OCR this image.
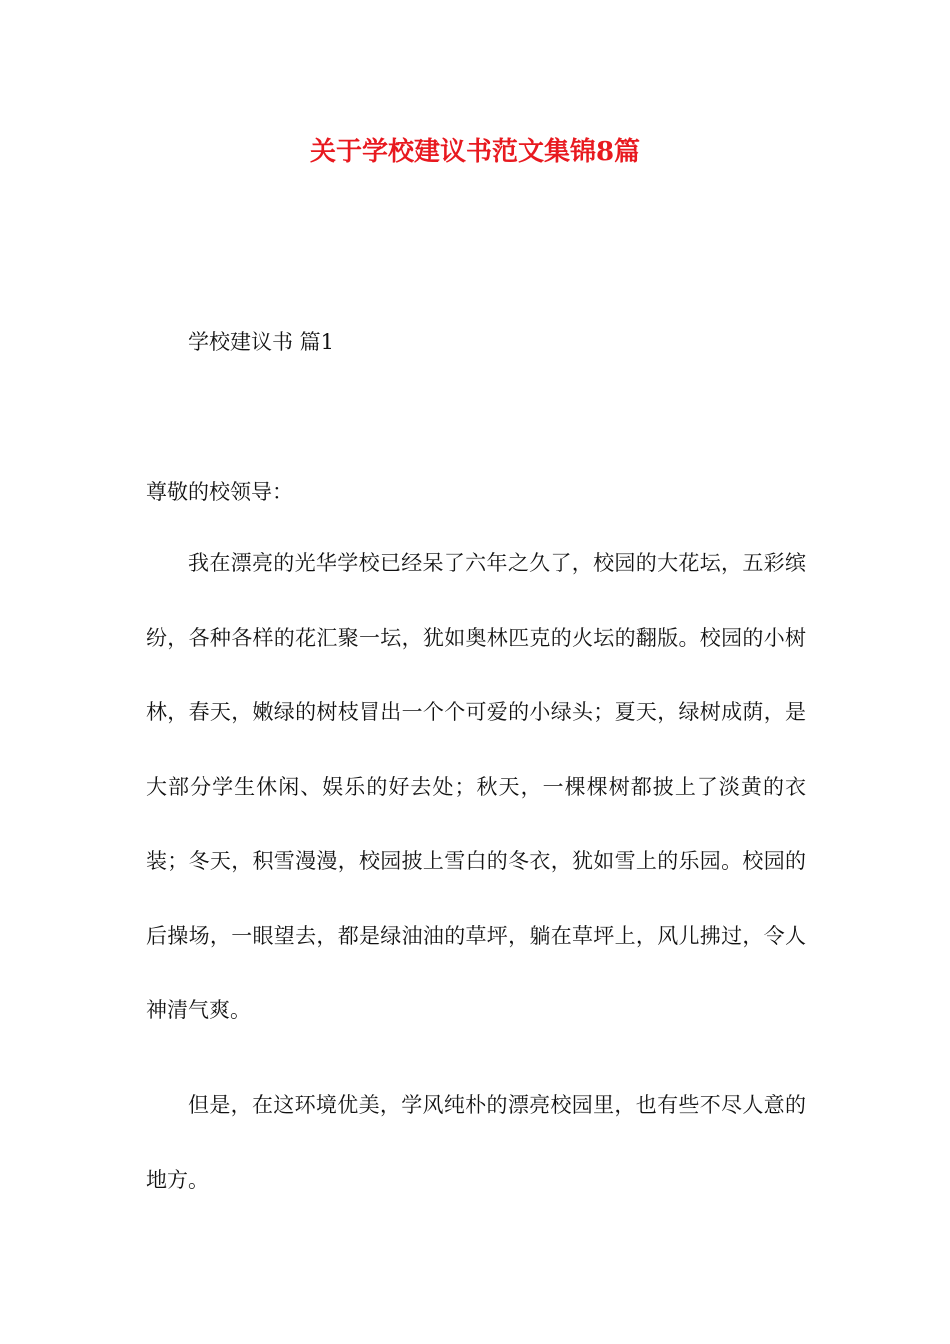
关于学校建议书范文集锦8篇
学校建议书 篇1
尊敬的校领导：

我在漂亮的光华学校已经呆了六年之久了，校园的大花坛，五彩缤纷，各种各样的花汇聚一坛，犹如奥林匹克的火坛的翻版。校园的小树林，春天，嫩绿的树枝冒出一个个可爱的小绿头；夏天，绿树成荫，是大部分学生休闲、娱乐的好去处；秋天，一棵棵树都披上了淡黄的衣装；冬天，积雪漫漫，校园披上雪白的冬衣，犹如雪上的乐园。校园的后操场，一眼望去，都是绿油油的草坪，躺在草坪上，风儿拂过，令人神清气爽。

但是，在这环境优美，学风纯朴的漂亮校园里，也有些不尽人意的地方。
